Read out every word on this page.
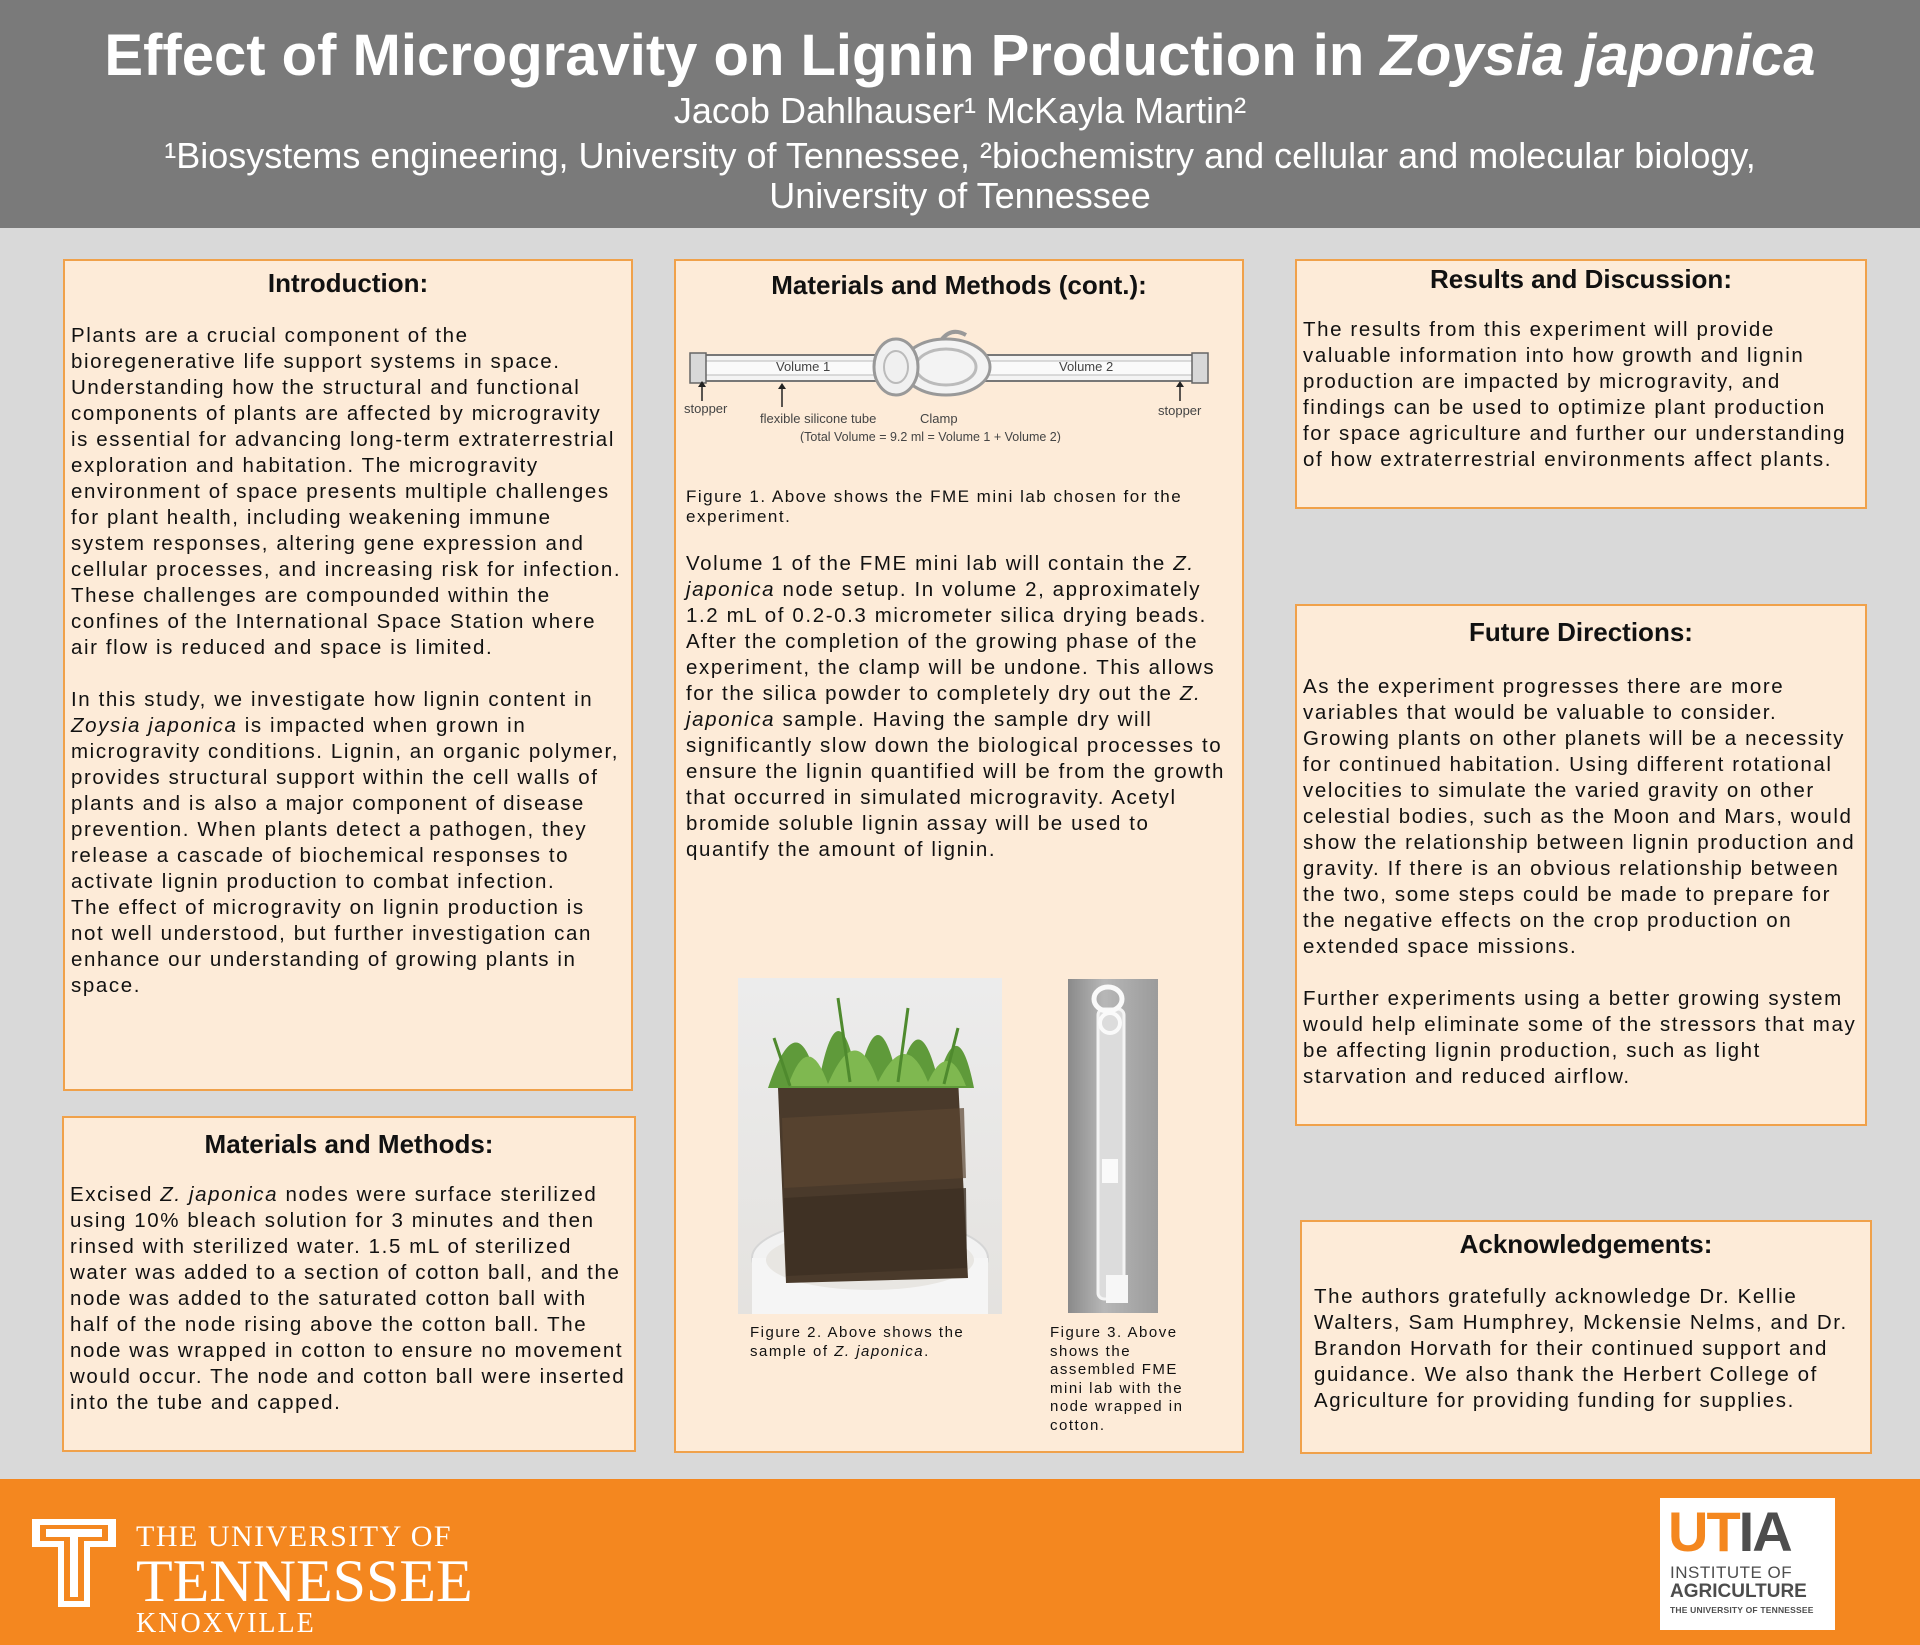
Effect of Microgravity on Lignin Production in Zoysia japonica
Jacob Dahlhauser¹ McKayla Martin²
¹Biosystems engineering, University of Tennessee, ²biochemistry and cellular and molecular biology,
University of Tennessee
Introduction:

Plants are a crucial component of the bioregenerative life support systems in space. Understanding how the structural and functional components of plants are affected by microgravity is essential for advancing long-term extraterrestrial exploration and habitation. The microgravity environment of space presents multiple challenges for plant health, including weakening immune system responses, altering gene expression and cellular processes, and increasing risk for infection. These challenges are compounded within the confines of the International Space Station where air flow is reduced and space is limited.

In this study, we investigate how lignin content in Zoysia japonica is impacted when grown in microgravity conditions. Lignin, an organic polymer, provides structural support within the cell walls of plants and is also a major component of disease prevention. When plants detect a pathogen, they release a cascade of biochemical responses to activate lignin production to combat infection.

The effect of microgravity on lignin production is not well understood, but further investigation can enhance our understanding of growing plants in space.

Materials and Methods:

Excised Z. japonica nodes were surface sterilized using 10% bleach solution for 3 minutes and then rinsed with sterilized water. 1.5 mL of sterilized water was added to a section of cotton ball, and the node was added to the saturated cotton ball with half of the node rising above the cotton ball. The node was wrapped in cotton to ensure no movement would occur. The node and cotton ball were inserted into the tube and capped.

Materials and Methods (cont.):
Volume 1	Volume 2
stopper
flexible silicone tube	Clamp
stopper
(Total Volume = 9.2 ml = Volume 1 + Volume 2)
Figure 1. Above shows the FME mini lab chosen for the experiment.

Volume 1 of the FME mini lab will contain the Z. japonica node setup. In volume 2, approximately 1.2 mL of 0.2-0.3 micrometer silica drying beads.

After the completion of the growing phase of the experiment, the clamp will be undone. This allows for the silica powder to completely dry out the Z. japonica sample. Having the sample dry will significantly slow down the biological processes to ensure the lignin quantified will be from the growth that occurred in simulated microgravity. Acetyl bromide soluble lignin assay will be used to quantify the amount of lignin.

Figure 2. Above shows the sample of Z. japonica.
Figure 3. Above shows the assembled FME mini lab with the node wrapped in cotton.
Results and Discussion:
The results from this experiment will provide valuable information into how growth and lignin production are impacted by microgravity, and findings can be used to optimize plant production for space agriculture and further our understanding of how extraterrestrial environments affect plants.
Future Directions:

As the experiment progresses there are more variables that would be valuable to consider. Growing plants on other planets will be a necessity for continued habitation. Using different rotational velocities to simulate the varied gravity on other celestial bodies, such as the Moon and Mars, would show the relationship between lignin production and gravity. If there is an obvious relationship between the two, some steps could be made to prepare for the negative effects on the crop production on extended space missions.

Further experiments using a better growing system would help eliminate some of the stressors that may be affecting lignin production, such as light starvation and reduced airflow.

Acknowledgements:
The authors gratefully acknowledge Dr. Kellie Walters, Sam Humphrey, Mckensie Nelms, and Dr. Brandon Horvath for their continued support and guidance. We also thank the Herbert College of Agriculture for providing funding for supplies.
THE UNIVERSITY OF
TENNESSEE
KNOXVILLE
UTIA
INSTITUTE OF
AGRICULTURE
THE UNIVERSITY OF TENNESSEE
